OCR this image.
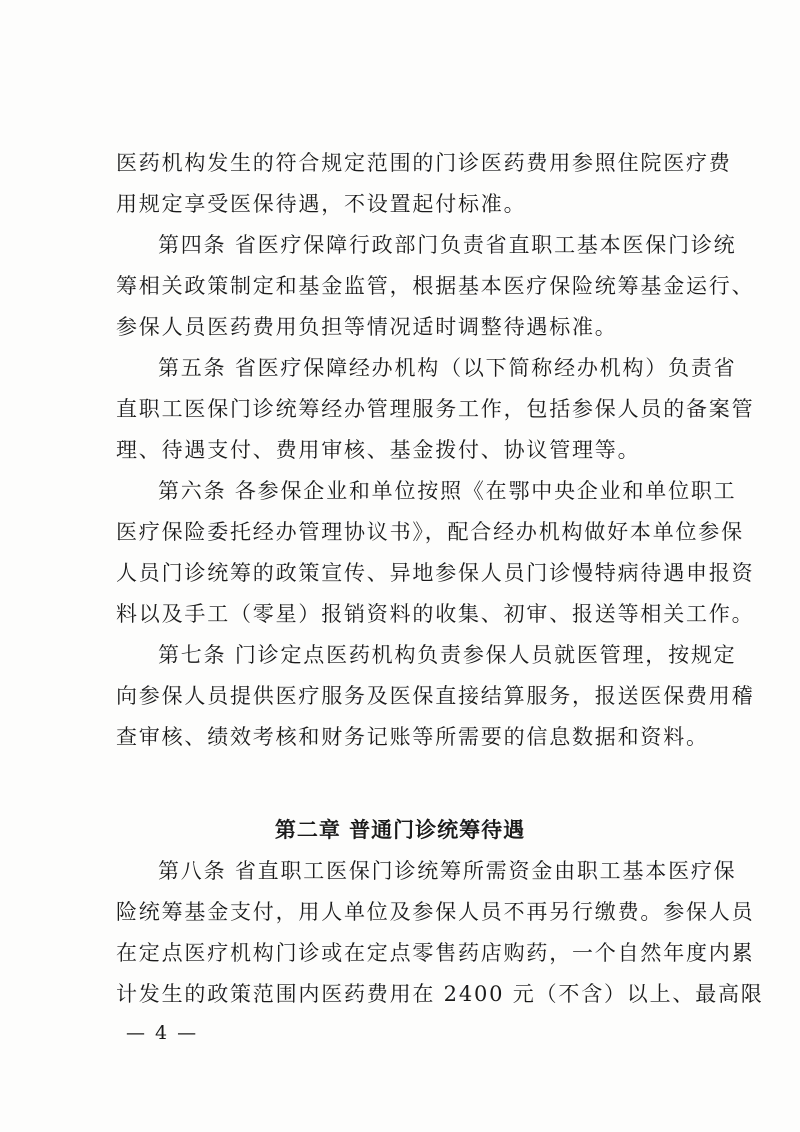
医药机构发生的符合规定范围的门诊医药费用参照住院医疗费
用规定享受医保待遇，不设置起付标准。
第四条 省医疗保障行政部门负责省直职工基本医保门诊统
筹相关政策制定和基金监管，根据基本医疗保险统筹基金运行、
参保人员医药费用负担等情况适时调整待遇标准。
第五条 省医疗保障经办机构（以下简称经办机构）负责省
直职工医保门诊统筹经办管理服务工作，包括参保人员的备案管
理、待遇支付、费用审核、基金拨付、协议管理等。
第六条 各参保企业和单位按照《在鄂中央企业和单位职工
医疗保险委托经办管理协议书》，配合经办机构做好本单位参保
人员门诊统筹的政策宣传、异地参保人员门诊慢特病待遇申报资
料以及手工（零星）报销资料的收集、初审、报送等相关工作。
第七条 门诊定点医药机构负责参保人员就医管理，按规定
向参保人员提供医疗服务及医保直接结算服务，报送医保费用稽
查审核、绩效考核和财务记账等所需要的信息数据和资料。
第二章 普通门诊统筹待遇
第八条 省直职工医保门诊统筹所需资金由职工基本医疗保
险统筹基金支付，用人单位及参保人员不再另行缴费。参保人员
在定点医疗机构门诊或在定点零售药店购药，一个自然年度内累
计发生的政策范围内医药费用在 2400 元（不含）以上、最高限
— 4 —
